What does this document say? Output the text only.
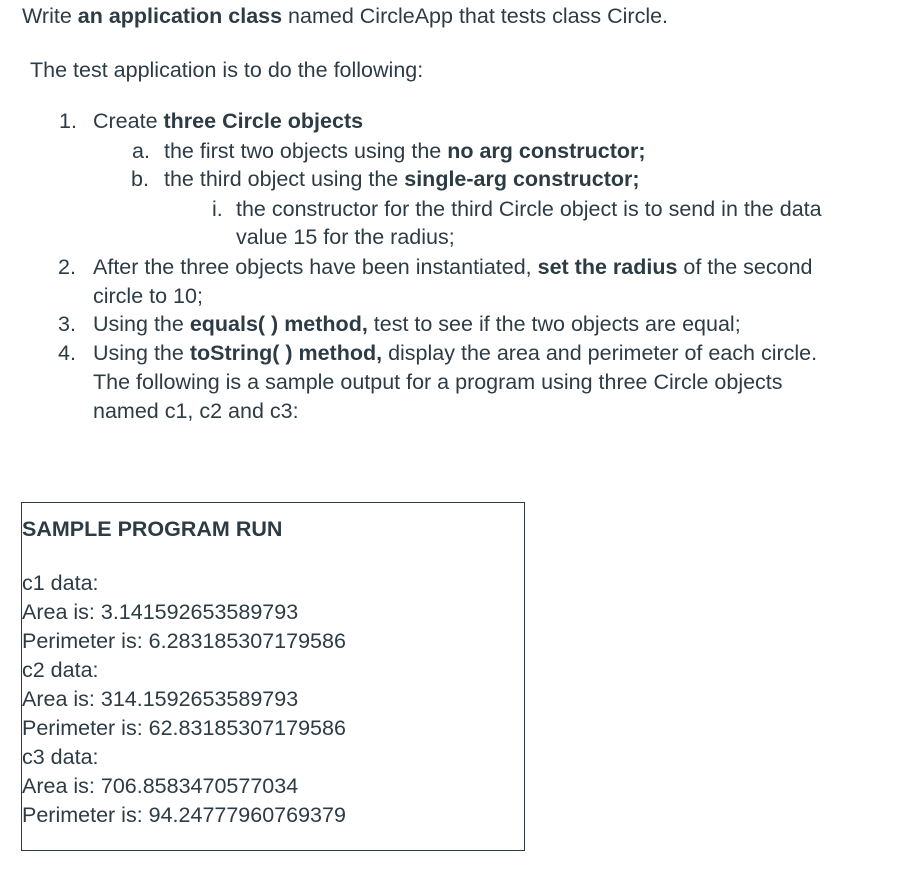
Write an application class named CircleApp that tests class Circle.
The test application is to do the following:
1. Create three Circle objects
a. the first two objects using the no arg constructor;
b. the third object using the single-arg constructor;
i. the constructor for the third Circle object is to send in the data
value 15 for the radius;
2. After the three objects have been instantiated, set the radius of the second
circle to 10;
3. Using the equals( ) method, test to see if the two objects are equal;
4. Using the toString( ) method, display the area and perimeter of each circle.
The following is a sample output for a program using three Circle objects
named c1, c2 and c3:
SAMPLE PROGRAM RUN
c1 data:
Area is: 3.141592653589793
Perimeter is: 6.283185307179586
c2 data:
Area is: 314.1592653589793
Perimeter is: 62.83185307179586
c3 data:
Area is: 706.8583470577034
Perimeter is: 94.24777960769379
